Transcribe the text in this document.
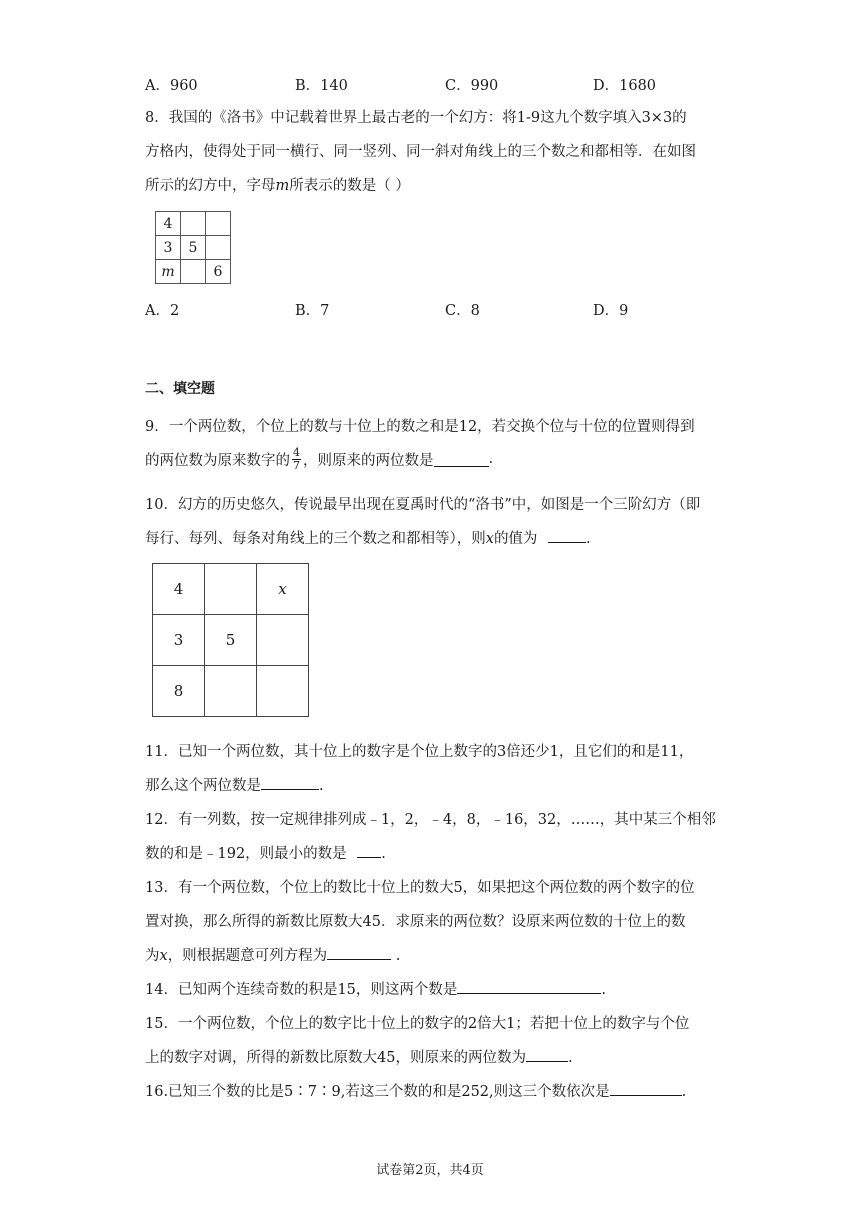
A．960	B．140	C．990	D．1680
8．我国的《洛书》中记载着世界上最古老的一个幻方：将1-9这九个数字填入3×3的
方格内，使得处于同一横行、同一竖列、同一斜对角线上的三个数之和都相等．在如图
所示的幻方中，字母m所表示的数是（ ）
4		
3	5	
m		6
A．2	B．7	C．8	D．9
二、填空题
9．一个两位数，个位上的数与十位上的数之和是12，若交换个位与十位的位置则得到
的两位数为原来数字的 $\frac{4}{7}$ ，则原来的两位数是	.
10．幻方的历史悠久，传说最早出现在夏禹时代的“洛书”中，如图是一个三阶幻方（即
每行、每列、每条对角线上的三个数之和都相等），则x的值为	.
4		x
3	5	
8		
11．已知一个两位数，其十位上的数字是个位上数字的3倍还少1，且它们的和是11，
那么这个两位数是	.
12．有一列数，按一定规律排列成﹣1，2，﹣4，8，﹣16，32，……，其中某三个相邻
数的和是﹣192，则最小的数是 .
13．有一个两位数，个位上的数比十位上的数大5，如果把这个两位数的两个数字的位
置对换，那么所得的新数比原数大45．求原来的两位数？设原来两位数的十位上的数
为x，则根据题意可列方程为	.
14．已知两个连续奇数的积是15，则这两个数是	.
15．一个两位数，个位上的数字比十位上的数字的2倍大1；若把十位上的数字与个位
上的数字对调，所得的新数比原数大45，则原来的两位数为	.
16.已知三个数的比是5∶7∶9,若这三个数的和是252,则这三个数依次是	.
试卷第2页，共4页
